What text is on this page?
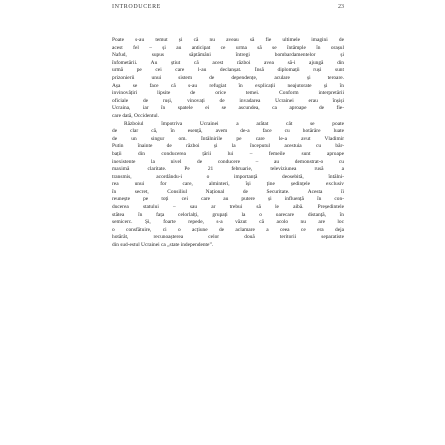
INTRODUCERE	23
Poate s-au temut și că nu aveau să fie ultimele imagini de
acest fel – și au anticipat ce urma să se întâmple în orașul
Nafud, supus săptămâni întregi bombardamentelor și
înfometării. Au știut că acest război avea să-i ajungă din
urmă pe cei care l-au declanșat. Însă diplomații ruși sunt
prizonierii unui sistem de dependențe, aculare și teroare.
Așa se face că s-au refugiat în explicații neajutorate și în
invinovățiri lipsite de orice temei. Conform interpretării
oficiale de ruși, vinovați de invadarea Ucrainei erau înșiși
Ucraina, iar în spatele ei se ascundea, ca aproape de fie-
care dată, Occidentul.
Războiul împotriva Ucrainei a arătat cât se poate
de clar că, în esență, avem de-a face cu hotărâre luate
de un singur om. Întâlnirile pe care le-a avut Vladimir
Putin înainte de război și la începutul acestuia cu băr-
bații din conducerea țării lui – femeile sunt aproape
inexistente la nivel de conducere – au demonstrat-o cu
maximă claritate. Pe 21 februarie, televiziunea rusă a
transmis, acordându-i o importanță deosebită, întâlni-
rea unui for care, alminteri, își ține ședințele exclusiv
în secret, Consiliul Național de Securitate. Acesta îi
reunește pe toți cei care au putere și influență în con-
ducerea statului – sau ar trebui să le aibă. Președintele
stătea în fața celorlalți, grupați la o oarecare distanță, în
semicerc. Și, foarte repede, s-a văzut că acolo nu are loc
o consfătuire, ci o acțiune de aclamare a ceea ce era deja
hotărât, recunoașterea celor două teritorii separatiste
din sud-estul Ucrainei ca „state independente”.
